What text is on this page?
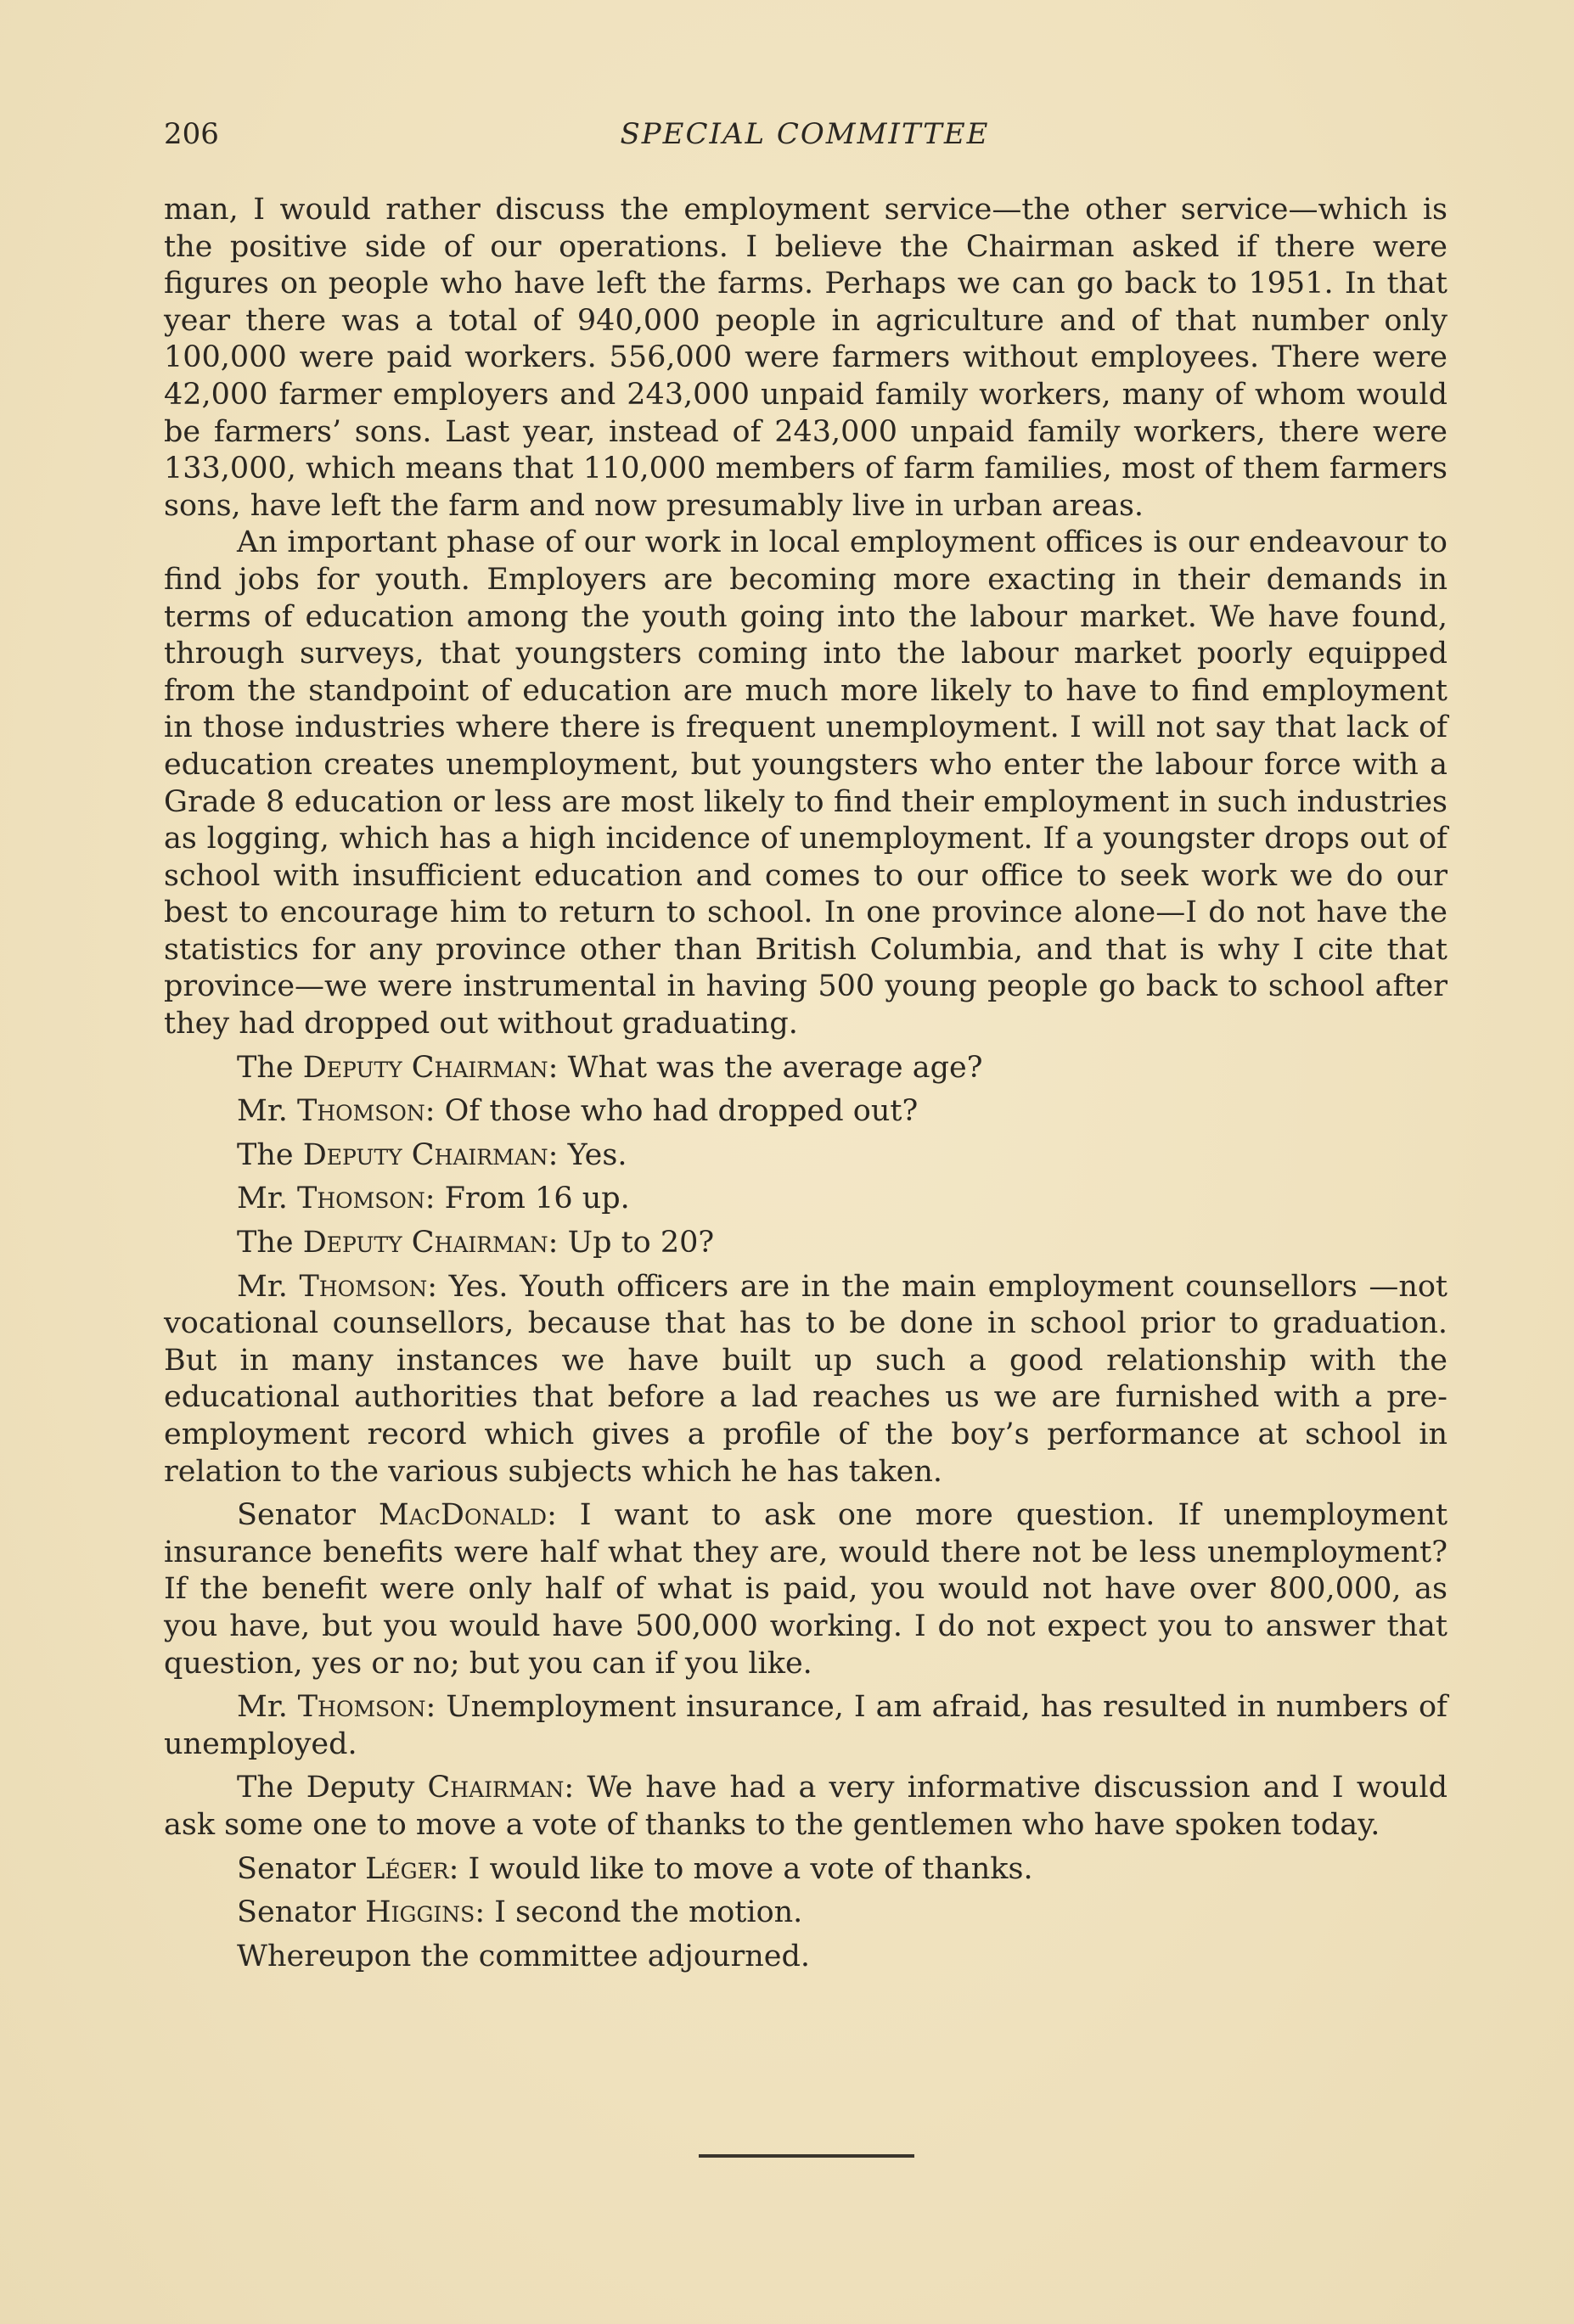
206	SPECIAL COMMITTEE

man, I would rather discuss the employment service—the other service—which is the positive side of our operations. I believe the Chairman asked if there were figures on people who have left the farms. Perhaps we can go back to 1951. In that year there was a total of 940,000 people in agriculture and of that number only 100,000 were paid workers. 556,000 were farmers without employees. There were 42,000 farmer employers and 243,000 unpaid family workers, many of whom would be farmers’ sons. Last year, instead of 243,000 unpaid family workers, there were 133,000, which means that 110,000 members of farm families, most of them farmers sons, have left the farm and now presumably live in urban areas.

An important phase of our work in local employment offices is our endeavour to find jobs for youth. Employers are becoming more exacting in their demands in terms of education among the youth going into the labour market. We have found, through surveys, that youngsters coming into the labour market poorly equipped from the standpoint of education are much more likely to have to find employment in those industries where there is frequent unemployment. I will not say that lack of education creates unemployment, but youngsters who enter the labour force with a Grade 8 education or less are most likely to find their employment in such industries as logging, which has a high incidence of unemployment. If a youngster drops out of school with insufficient education and comes to our office to seek work we do our best to encourage him to return to school. In one province alone—I do not have the statistics for any province other than British Columbia, and that is why I cite that province—we were instrumental in having 500 young people go back to school after they had dropped out without graduating.

The Deputy Chairman: What was the average age?

Mr. Thomson: Of those who had dropped out?

The Deputy Chairman: Yes.

Mr. Thomson: From 16 up.

The Deputy Chairman: Up to 20?

Mr. Thomson: Yes. Youth officers are in the main employment counsellors —not vocational counsellors, because that has to be done in school prior to graduation. But in many instances we have built up such a good relationship with the educational authorities that before a lad reaches us we are furnished with a pre-employment record which gives a profile of the boy’s performance at school in relation to the various subjects which he has taken.

Senator MacDonald: I want to ask one more question. If unemployment insurance benefits were half what they are, would there not be less unemployment? If the benefit were only half of what is paid, you would not have over 800,000, as you have, but you would have 500,000 working. I do not expect you to answer that question, yes or no; but you can if you like.

Mr. Thomson: Unemployment insurance, I am afraid, has resulted in numbers of unemployed.

The Deputy Chairman: We have had a very informative discussion and I would ask some one to move a vote of thanks to the gentlemen who have spoken today.

Senator Léger: I would like to move a vote of thanks.

Senator Higgins: I second the motion.

Whereupon the committee adjourned.
